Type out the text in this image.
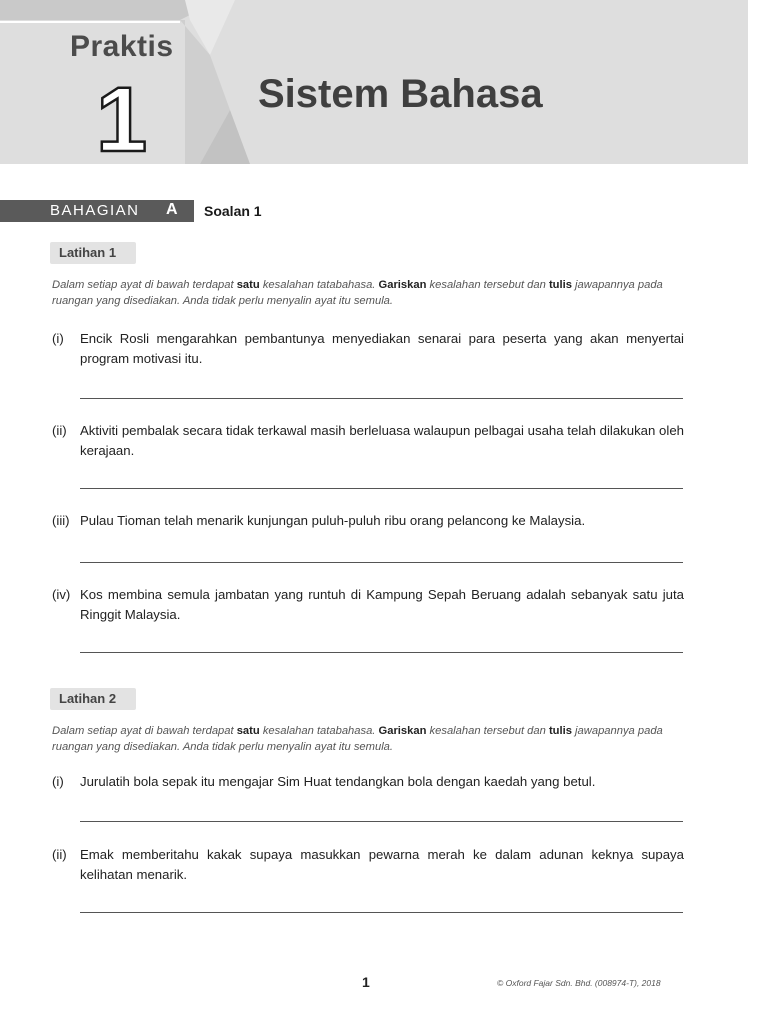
Praktis
1	Sistem Bahasa
BAHAGIAN A Soalan 1
Latihan 1
Dalam setiap ayat di bawah terdapat satu kesalahan tatabahasa. Gariskan kesalahan tersebut dan tulis jawapannya pada ruangan yang disediakan. Anda tidak perlu menyalin ayat itu semula.
(i) Encik Rosli mengarahkan pembantunya menyediakan senarai para peserta yang akan menyertai program motivasi itu.
(ii) Aktiviti pembalak secara tidak terkawal masih berleluasa walaupun pelbagai usaha telah dilakukan oleh kerajaan.
(iii) Pulau Tioman telah menarik kunjungan puluh-puluh ribu orang pelancong ke Malaysia.
(iv) Kos membina semula jambatan yang runtuh di Kampung Sepah Beruang adalah sebanyak satu juta Ringgit Malaysia.
Latihan 2
Dalam setiap ayat di bawah terdapat satu kesalahan tatabahasa. Gariskan kesalahan tersebut dan tulis jawapannya pada ruangan yang disediakan. Anda tidak perlu menyalin ayat itu semula.
(i) Jurulatih bola sepak itu mengajar Sim Huat tendangkan bola dengan kaedah yang betul.
(ii) Emak memberitahu kakak supaya masukkan pewarna merah ke dalam adunan keknya supaya kelihatan menarik.
1	© Oxford Fajar Sdn. Bhd. (008974-T), 2018
